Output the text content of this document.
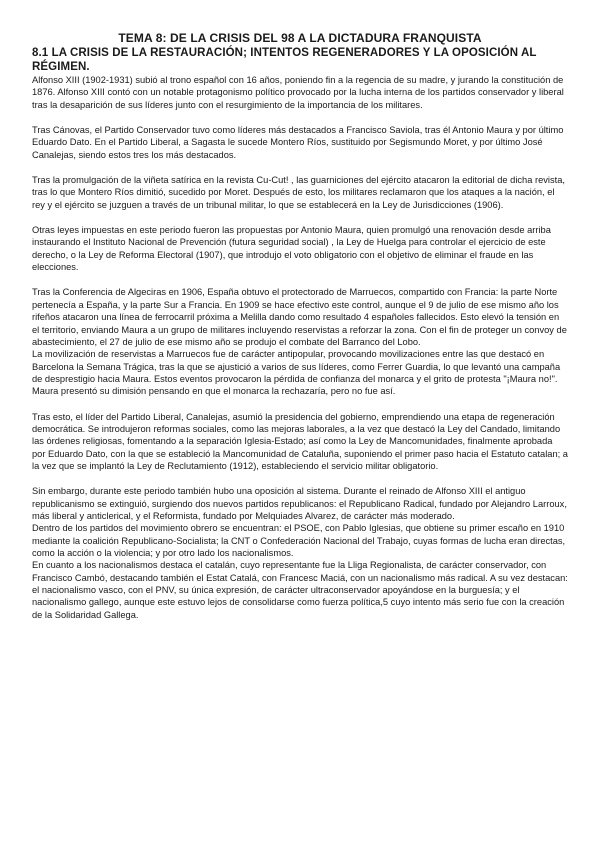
TEMA 8: DE LA CRISIS DEL 98 A LA DICTADURA FRANQUISTA
8.1 LA CRISIS DE LA RESTAURACIÓN; INTENTOS REGENERADORES Y LA OPOSICIÓN AL RÉGIMEN.

Alfonso XIII (1902-1931) subió al trono español con 16 años, poniendo fin a la regencia de su madre, y jurando la constitución de 1876. Alfonso XIII contó con un notable protagonismo político provocado por la lucha interna de los partidos conservador y liberal tras la desaparición de sus líderes junto con el resurgimiento de la importancia de los militares.

Tras Cánovas, el Partido Conservador tuvo como líderes más destacados a Francisco Saviola, tras él Antonio Maura y por último Eduardo Dato. En el Partido Liberal, a Sagasta le sucede Montero Ríos, sustituido por Segismundo Moret, y por último José Canalejas, siendo estos tres los más destacados.

Tras la promulgación de la viñeta satírica en la revista Cu-Cut! , las guarniciones del ejército atacaron la editorial de dicha revista, tras lo que Montero Ríos dimitió, sucedido por Moret. Después de esto, los militares reclamaron que los ataques a la nación, el rey y el ejército se juzguen a través de un tribunal militar, lo que se establecerá en la Ley de Jurisdicciones (1906).

Otras leyes impuestas en este periodo fueron las propuestas por Antonio Maura, quien promulgó una renovación desde arriba instaurando el Instituto Nacional de Prevención (futura seguridad social) , la Ley de Huelga para controlar el ejercicio de este derecho, o la Ley de Reforma Electoral (1907), que introdujo el voto obligatorio con el objetivo de eliminar el fraude en las elecciones.

Tras la Conferencia de Algeciras en 1906, España obtuvo el protectorado de Marruecos, compartido con Francia: la parte Norte pertenecía a España, y la parte Sur a Francia. En 1909 se hace efectivo este control, aunque el 9 de julio de ese mismo año los rifeños atacaron una línea de ferrocarril próxima a Melilla dando como resultado 4 españoles fallecidos. Esto elevó la tensión en el territorio, enviando Maura a un grupo de militares incluyendo reservistas a reforzar la zona. Con el fin de proteger un convoy de abastecimiento, el 27 de julio de ese mismo año se produjo el combate del Barranco del Lobo.

La movilización de reservistas a Marruecos fue de carácter antipopular, provocando movilizaciones entre las que destacó en Barcelona la Semana Trágica, tras la que se ajustició a varios de sus líderes, como Ferrer Guardia, lo que levantó una campaña de desprestigio hacia Maura. Estos eventos provocaron la pérdida de confianza del monarca y el grito de protesta "¡Maura no!". Maura presentó su dimisión pensando en que el monarca la rechazaría, pero no fue así.

Tras esto, el líder del Partido Liberal, Canalejas, asumió la presidencia del gobierno, emprendiendo una etapa de regeneración democrática. Se introdujeron reformas sociales, como las mejoras laborales, a la vez que destacó la Ley del Candado, limitando las órdenes religiosas, fomentando a la separación Iglesia-Estado; así como la Ley de Mancomunidades, finalmente aprobada por Eduardo Dato, con la que se estableció la Mancomunidad de Cataluña, suponiendo el primer paso hacia el Estatuto catalan; a la vez que se implantó la Ley de Reclutamiento (1912), estableciendo el servicio militar obligatorio.

Sin embargo, durante este periodo también hubo una oposición al sistema. Durante el reinado de Alfonso XIII el antiguo republicanismo se extinguió, surgiendo dos nuevos partidos republicanos: el Republicano Radical, fundado por Alejandro Larroux, más liberal y anticlerical, y el Reformista, fundado por Melquiades Alvarez, de carácter más moderado.

Dentro de los partidos del movimiento obrero se encuentran: el PSOE, con Pablo Iglesias, que obtiene su primer escaño en 1910 mediante la coalición Republicano-Socialista; la CNT o Confederación Nacional del Trabajo, cuyas formas de lucha eran directas, como la acción o la violencia; y por otro lado los nacionalismos.

En cuanto a los nacionalismos destaca el catalán, cuyo representante fue la Lliga Regionalista, de carácter conservador, con Francisco Cambó, destacando también el Estat Catalá, con Francesc Maciá, con un nacionalismo más radical. A su vez destacan: el nacionalismo vasco, con el PNV, su única expresión, de carácter ultraconservador apoyándose en la burguesía; y el nacionalismo gallego, aunque este estuvo lejos de consolidarse como fuerza política,5 cuyo intento más serio fue con la creación de la Solidaridad Gallega.
